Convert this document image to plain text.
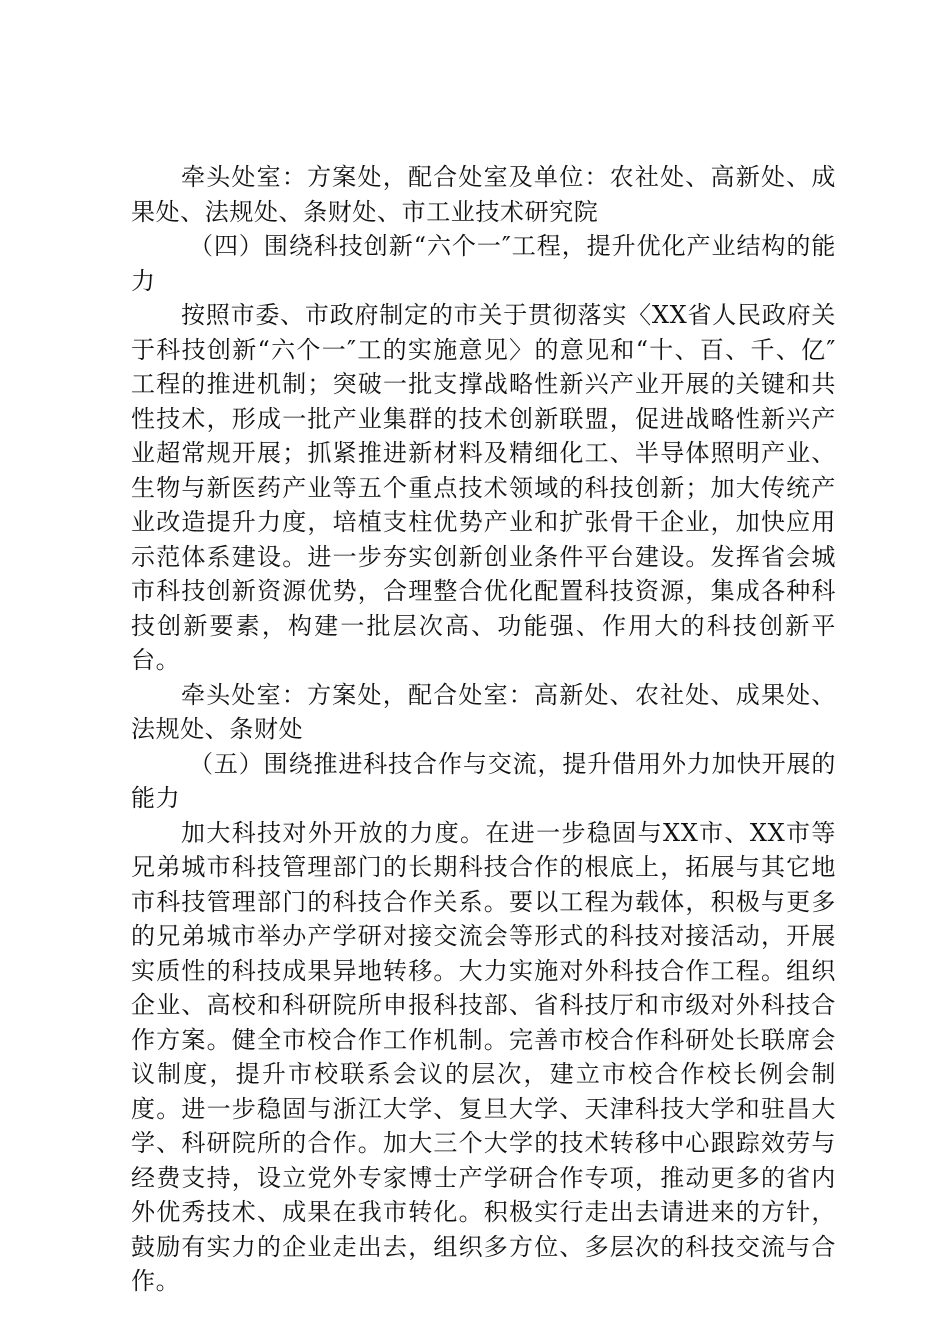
牵头处室：方案处，配合处室及单位：农社处、高新处、成果处、法规处、条财处、市工业技术研究院

（四）围绕科技创新“六个一″工程，提升优化产业结构的能力

按照市委、市政府制定的市关于贯彻落实〈XX省人民政府关于科技创新“六个一″工的实施意见〉的意见和“十、百、千、亿″工程的推进机制；突破一批支撑战略性新兴产业开展的关键和共性技术，形成一批产业集群的技术创新联盟，促进战略性新兴产业超常规开展；抓紧推进新材料及精细化工、半导体照明产业、生物与新医药产业等五个重点技术领域的科技创新；加大传统产业改造提升力度，培植支柱优势产业和扩张骨干企业，加快应用示范体系建设。进一步夯实创新创业条件平台建设。发挥省会城市科技创新资源优势，合理整合优化配置科技资源，集成各种科技创新要素，构建一批层次高、功能强、作用大的科技创新平台。

牵头处室：方案处，配合处室：高新处、农社处、成果处、法规处、条财处

（五）围绕推进科技合作与交流，提升借用外力加快开展的能力

加大科技对外开放的力度。在进一步稳固与XX市、XX市等兄弟城市科技管理部门的长期科技合作的根底上，拓展与其它地市科技管理部门的科技合作关系。要以工程为载体，积极与更多的兄弟城市举办产学研对接交流会等形式的科技对接活动，开展实质性的科技成果异地转移。大力实施对外科技合作工程。组织企业、高校和科研院所申报科技部、省科技厅和市级对外科技合作方案。健全市校合作工作机制。完善市校合作科研处长联席会议制度，提升市校联系会议的层次，建立市校合作校长例会制度。进一步稳固与浙江大学、复旦大学、天津科技大学和驻昌大学、科研院所的合作。加大三个大学的技术转移中心跟踪效劳与经费支持，设立党外专家博士产学研合作专项，推动更多的省内外优秀技术、成果在我市转化。积极实行走出去请进来的方针，鼓励有实力的企业走出去，组织多方位、多层次的科技交流与合作。
